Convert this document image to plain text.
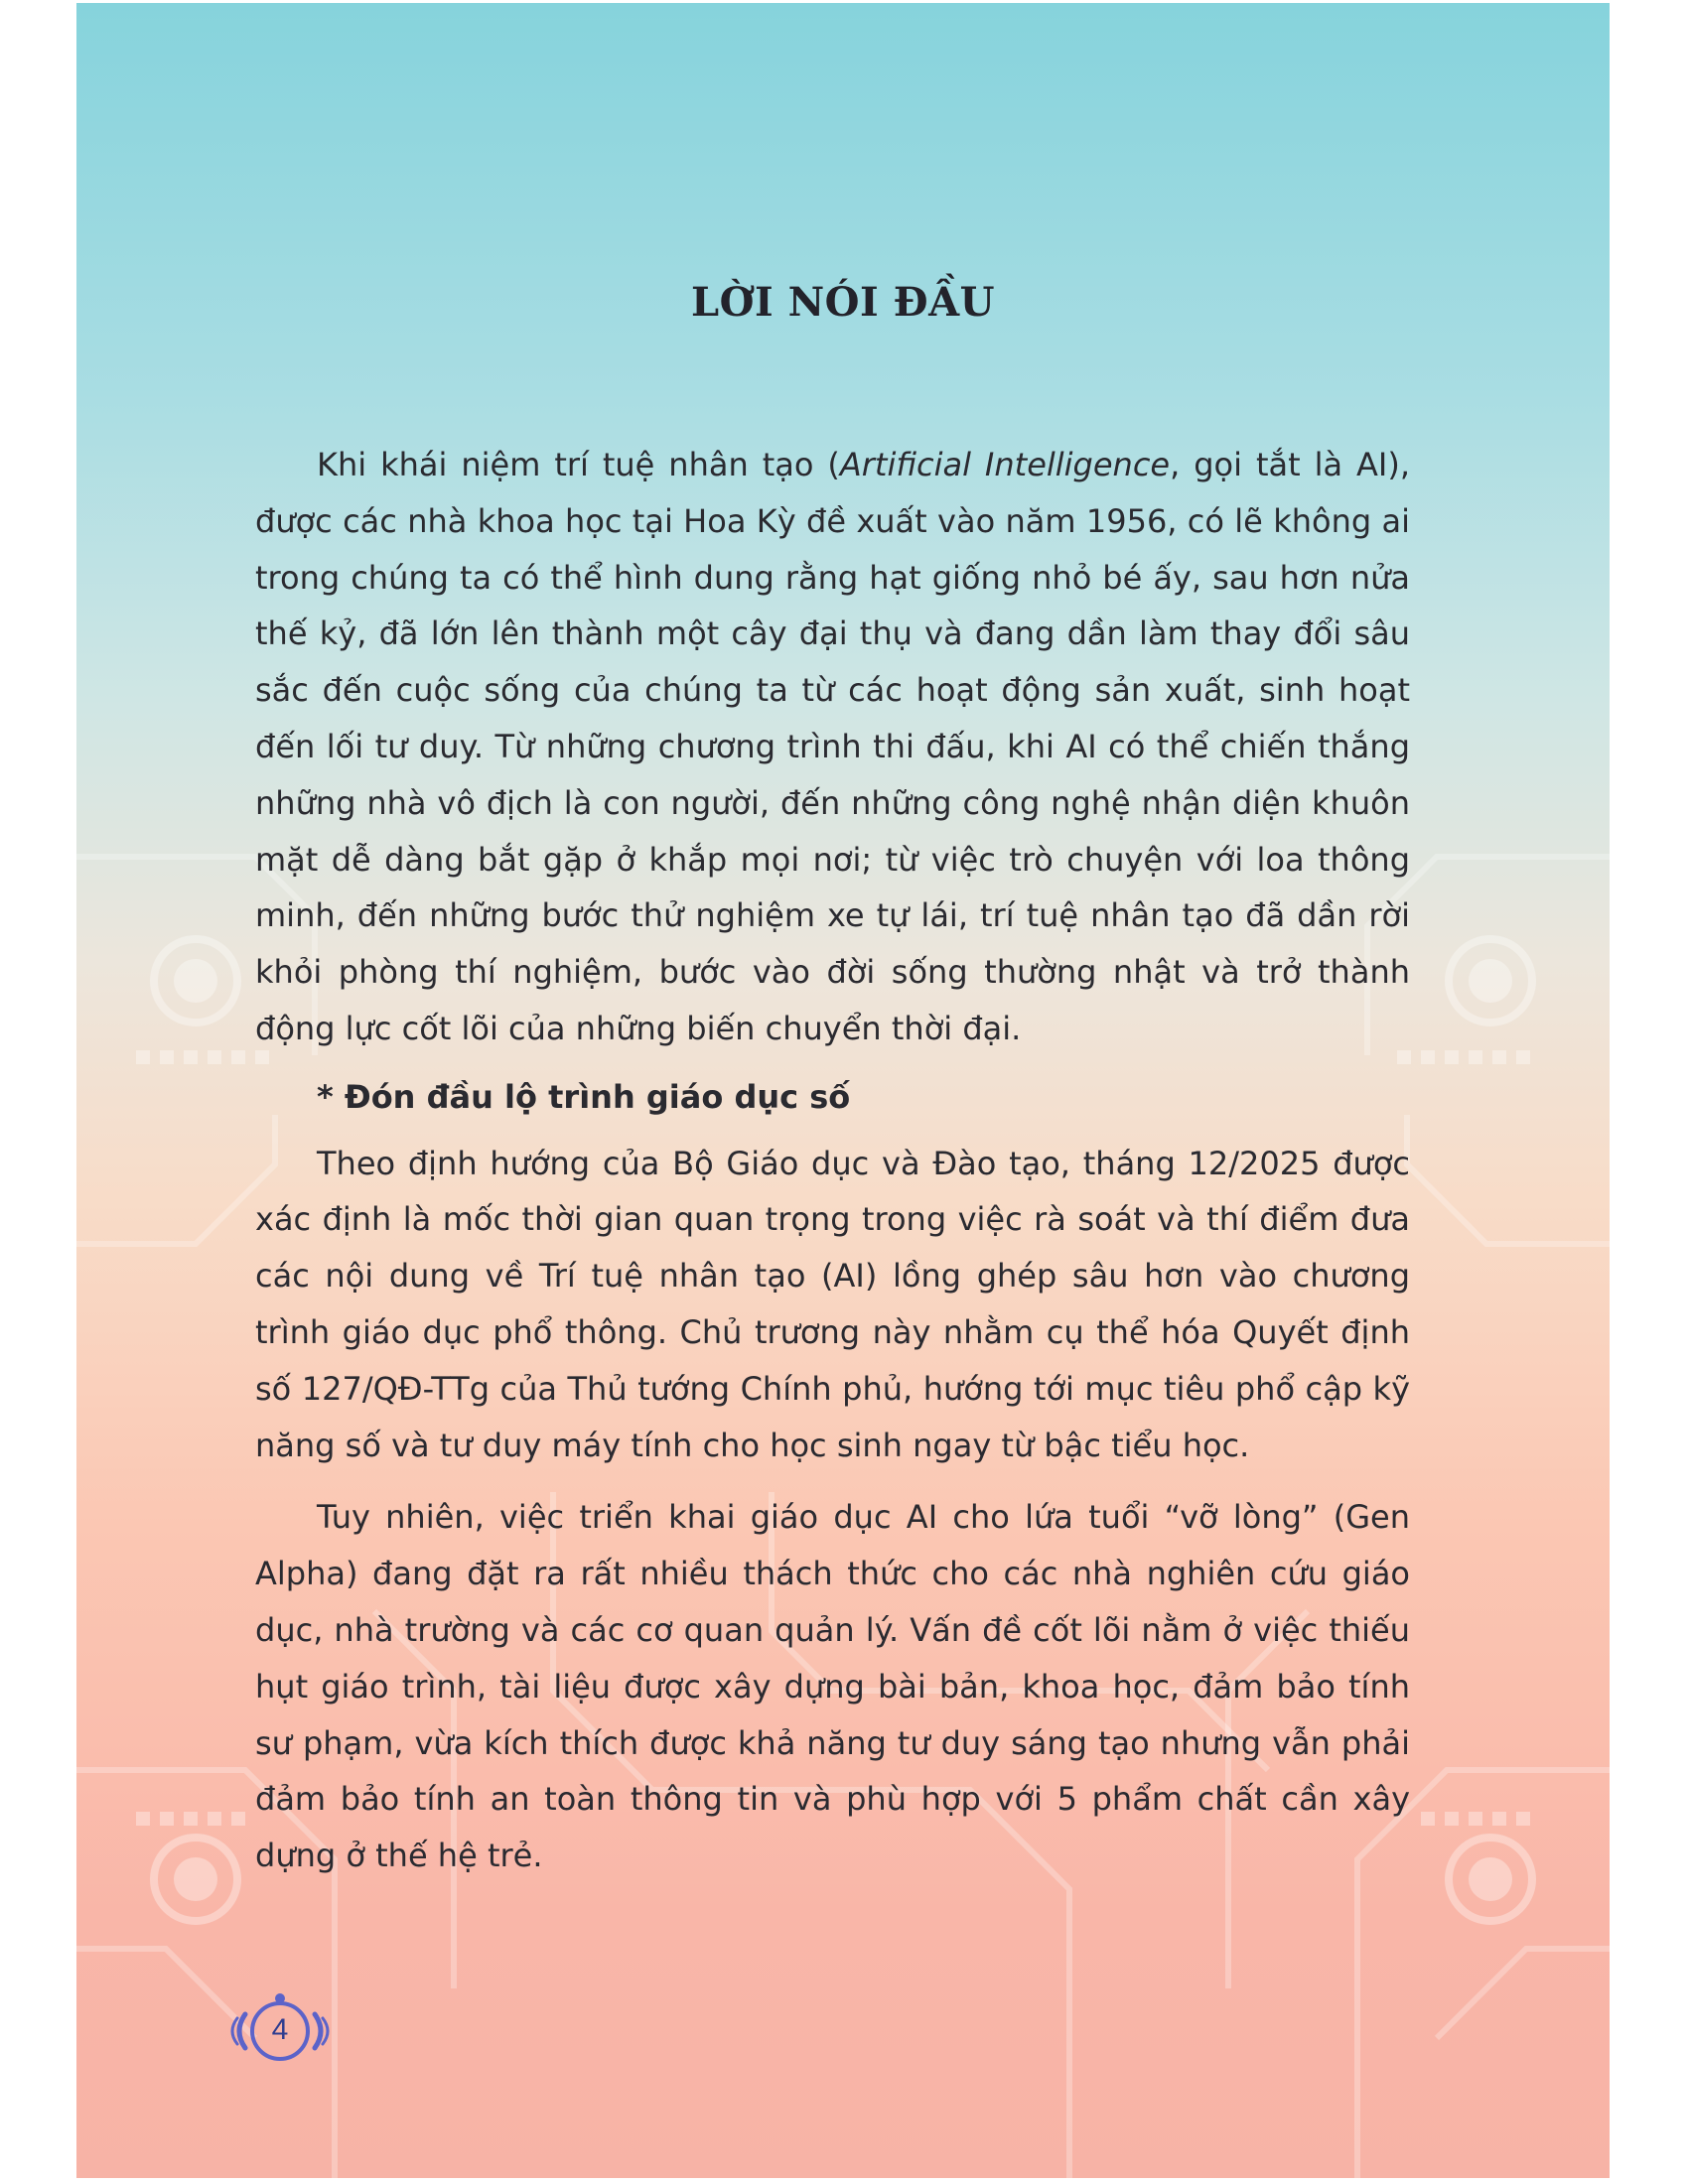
LỜI NÓI ĐẦU

Khi khái niệm trí tuệ nhân tạo (Artificial Intelligence, gọi tắt là AI), được các nhà khoa học tại Hoa Kỳ đề xuất vào năm 1956, có lẽ không ai trong chúng ta có thể hình dung rằng hạt giống nhỏ bé ấy, sau hơn nửa thế kỷ, đã lớn lên thành một cây đại thụ và đang dần làm thay đổi sâu sắc đến cuộc sống của chúng ta từ các hoạt động sản xuất, sinh hoạt đến lối tư duy. Từ những chương trình thi đấu, khi AI có thể chiến thắng những nhà vô địch là con người, đến những công nghệ nhận diện khuôn mặt dễ dàng bắt gặp ở khắp mọi nơi; từ việc trò chuyện với loa thông minh, đến những bước thử nghiệm xe tự lái, trí tuệ nhân tạo đã dần rời khỏi phòng thí nghiệm, bước vào đời sống thường nhật và trở thành động lực cốt lõi của những biến chuyển thời đại.

* Đón đầu lộ trình giáo dục số

Theo định hướng của Bộ Giáo dục và Đào tạo, tháng 12/2025 được xác định là mốc thời gian quan trọng trong việc rà soát và thí điểm đưa các nội dung về Trí tuệ nhân tạo (AI) lồng ghép sâu hơn vào chương trình giáo dục phổ thông. Chủ trương này nhằm cụ thể hóa Quyết định số 127/QĐ-TTg của Thủ tướng Chính phủ, hướng tới mục tiêu phổ cập kỹ năng số và tư duy máy tính cho học sinh ngay từ bậc tiểu học.

Tuy nhiên, việc triển khai giáo dục AI cho lứa tuổi “vỡ lòng” (Gen Alpha) đang đặt ra rất nhiều thách thức cho các nhà nghiên cứu giáo dục, nhà trường và các cơ quan quản lý. Vấn đề cốt lõi nằm ở việc thiếu hụt giáo trình, tài liệu được xây dựng bài bản, khoa học, đảm bảo tính sư phạm, vừa kích thích được khả năng tư duy sáng tạo nhưng vẫn phải đảm bảo tính an toàn thông tin và phù hợp với 5 phẩm chất cần xây dựng ở thế hệ trẻ.

4
